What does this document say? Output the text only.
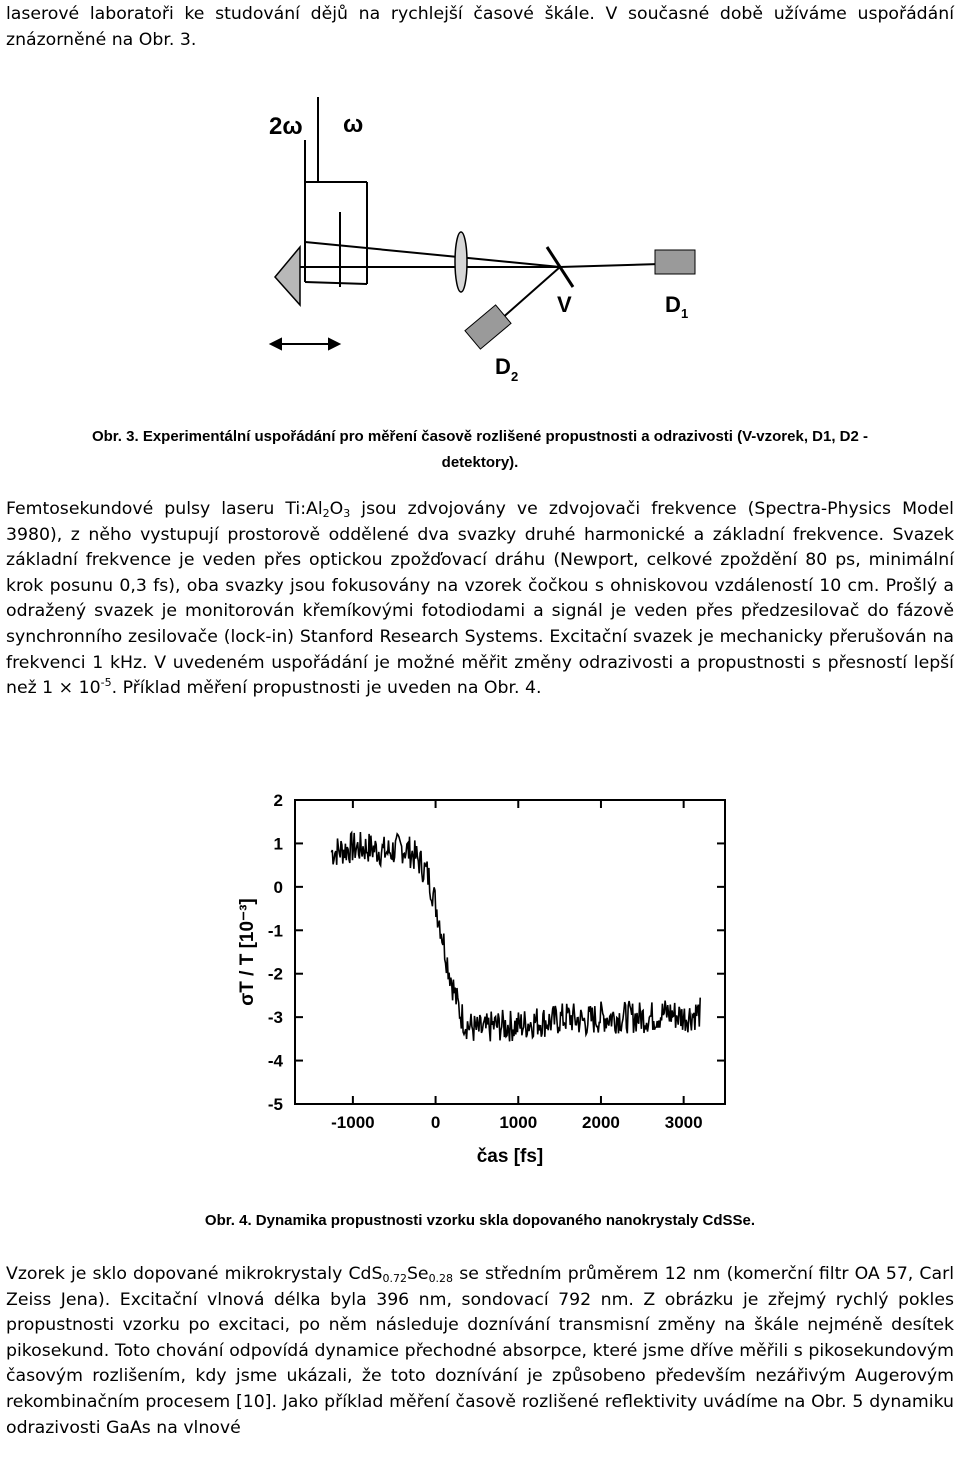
laserové laboratoři ke studování dějů na rychlejší časové škále. V současné době užíváme uspořádání znázorněné na Obr. 3.

2ω ω
V	D 1
D 2
Obr. 3. Experimentální uspořádání pro měření časově rozlišené propustnosti a odrazivosti (V-vzorek, D1, D2 -
detektory).

Femtosekundové pulsy laseru $Ti:Al_2O_3$ jsou zdvojovány ve zdvojovači frekvence (Spectra-Physics Model 3980), z něho vystupují prostorově oddělené dva svazky druhé harmonické a základní frekvence. Svazek základní frekvence je veden přes optickou zpožďovací dráhu (Newport, celkové zpoždění 80 ps, minimální krok posunu 0,3 fs), oba svazky jsou fokusovány na vzorek čočkou s ohniskovou vzdáleností 10 cm. Prošlý a odražený svazek je monitorován křemíkovými fotodiodami a signál je veden přes předzesilovač do fázově synchronního zesilovače (lock-in) Stanford Research Systems. Excitační svazek je mechanicky přerušován na frekvenci 1 kHz. V uvedeném uspořádání je možné měřit změny odrazivosti a propustnosti s přesností lepší než $1 \times 10^{-5}$. Příklad měření propustnosti je uveden na Obr. 4.

-1000	0	1000	2000	3000
2
1
0
-1
-2
-3
-4
-5
čas [fs]
σT / T [10⁻³]
Obr. 4. Dynamika propustnosti vzorku skla dopovaného nanokrystaly CdSSe.

Vzorek je sklo dopované mikrokrystaly $CdS_{0.72}Se_{0.28}$ se středním průměrem 12 nm (komerční filtr OA 57, Carl Zeiss Jena). Excitační vlnová délka byla 396 nm, sondovací 792 nm. Z obrázku je zřejmý rychlý pokles propustnosti vzorku po excitaci, po něm následuje doznívání transmisní změny na škále nejméně desítek pikosekund. Toto chování odpovídá dynamice přechodné absorpce, které jsme dříve měřili s pikosekundovým časovým rozlišením, kdy jsme ukázali, že toto doznívání je způsobeno především nezářivým Augerovým rekombinačním procesem [10]. Jako příklad měření časově rozlišené reflektivity uvádíme na Obr. 5 dynamiku odrazivosti GaAs na vlnové
